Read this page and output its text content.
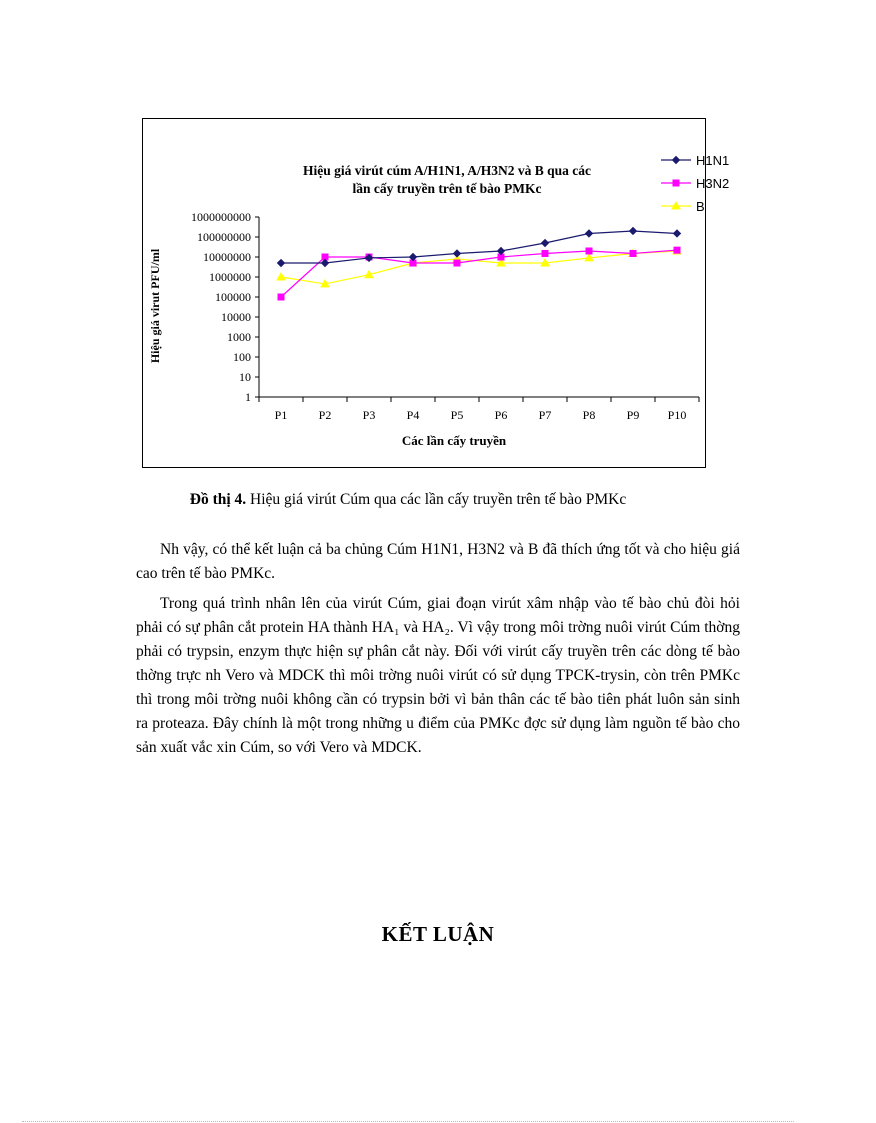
Hiệu giá virút cúm A/H1N1, A/H3N2 và B qua các
lần cấy truyền trên tế bào PMKc
Hiệu giá virut PFU/ml
Các lần cấy truyền
1000000000
100000000
10000000
1000000
100000
10000
1000
100
10
1
P1	P2	P3	P4	P5	P6	P7	P8	P9 P10
H1N1
H3N2
B
Đồ thị 4. Hiệu giá virút Cúm qua các lần cấy truyền trên tế bào PMKc

Nh vậy, có thể kết luận cả ba chủng Cúm H1N1, H3N2 và B đã thích ứng tốt và cho hiệu giá cao trên tế bào PMKc.

Trong quá trình nhân lên của virút Cúm, giai đoạn virút xâm nhập vào tế bào chủ đòi hỏi phải có sự phân cắt protein HA thành HA₁ và HA₂. Vì vậy trong môi trờng nuôi virút Cúm thờng phải có trypsin, enzym thực hiện sự phân cắt này. Đối với virút cấy truyền trên các dòng tế bào thờng trực nh Vero và MDCK thì môi trờng nuôi virút có sử dụng TPCK-trysin, còn trên PMKc thì trong môi trờng nuôi không cần có trypsin bởi vì bản thân các tế bào tiên phát luôn sản sinh ra proteaza. Đây chính là một trong những u điểm của PMKc đợc sử dụng làm nguồn tế bào cho sản xuất vắc xin Cúm, so với Vero và MDCK.

KẾT LUẬN
